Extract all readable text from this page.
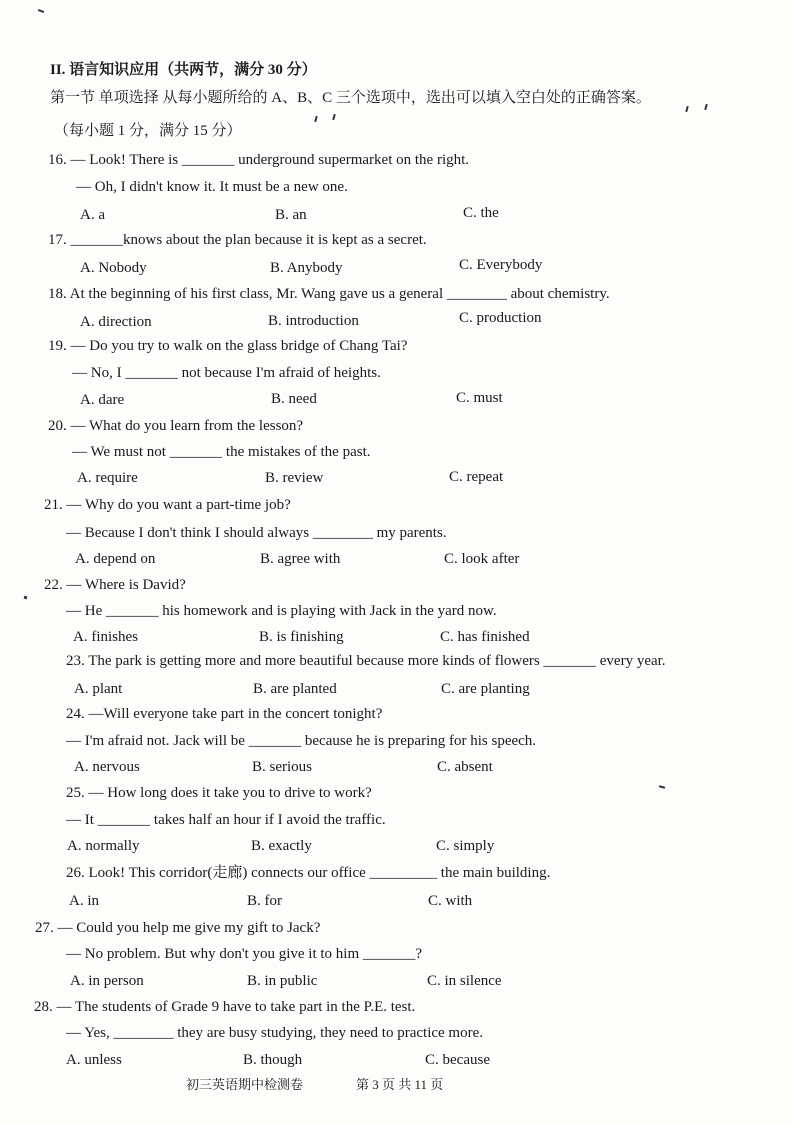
II. 语言知识应用（共两节，满分 30 分）
第一节 单项选择 从每小题所给的 A、B、C 三个选项中，选出可以填入空白处的正确答案。
（每小题 1 分，满分 15 分）
16. — Look! There is _______ underground supermarket on the right.
— Oh, I didn't know it. It must be a new one.
A. a	B. an	C. the
17. _______knows about the plan because it is kept as a secret.
A. Nobody	B. Anybody	C. Everybody
18. At the beginning of his first class, Mr. Wang gave us a general ________ about chemistry.
A. direction	B. introduction	C. production
19. — Do you try to walk on the glass bridge of Chang Tai?
— No, I _______ not because I'm afraid of heights.
A. dare	B. need	C. must
20. — What do you learn from the lesson?
— We must not _______ the mistakes of the past.
A. require	B. review	C. repeat
21. — Why do you want a part-time job?
— Because I don't think I should always ________ my parents.
A. depend on	B. agree with	C. look after
22. — Where is David?
— He _______ his homework and is playing with Jack in the yard now.
A. finishes	B. is finishing	C. has finished
23. The park is getting more and more beautiful because more kinds of flowers _______ every year.
A. plant	B. are planted	C. are planting
24. —Will everyone take part in the concert tonight?
— I'm afraid not. Jack will be _______ because he is preparing for his speech.
A. nervous	B. serious	C. absent
25. — How long does it take you to drive to work?
— It _______ takes half an hour if I avoid the traffic.
A. normally	B. exactly	C. simply
26. Look! This corridor(走廊) connects our office _________ the main building.
A. in	B. for	C. with
27. — Could you help me give my gift to Jack?
— No problem. But why don't you give it to him _______?
A. in person	B. in public	C. in silence
28. — The students of Grade 9 have to take part in the P.E. test.
— Yes, ________ they are busy studying, they need to practice more.
A. unless	B. though	C. because
初三英语期中检测卷	第 3 页 共 11 页
